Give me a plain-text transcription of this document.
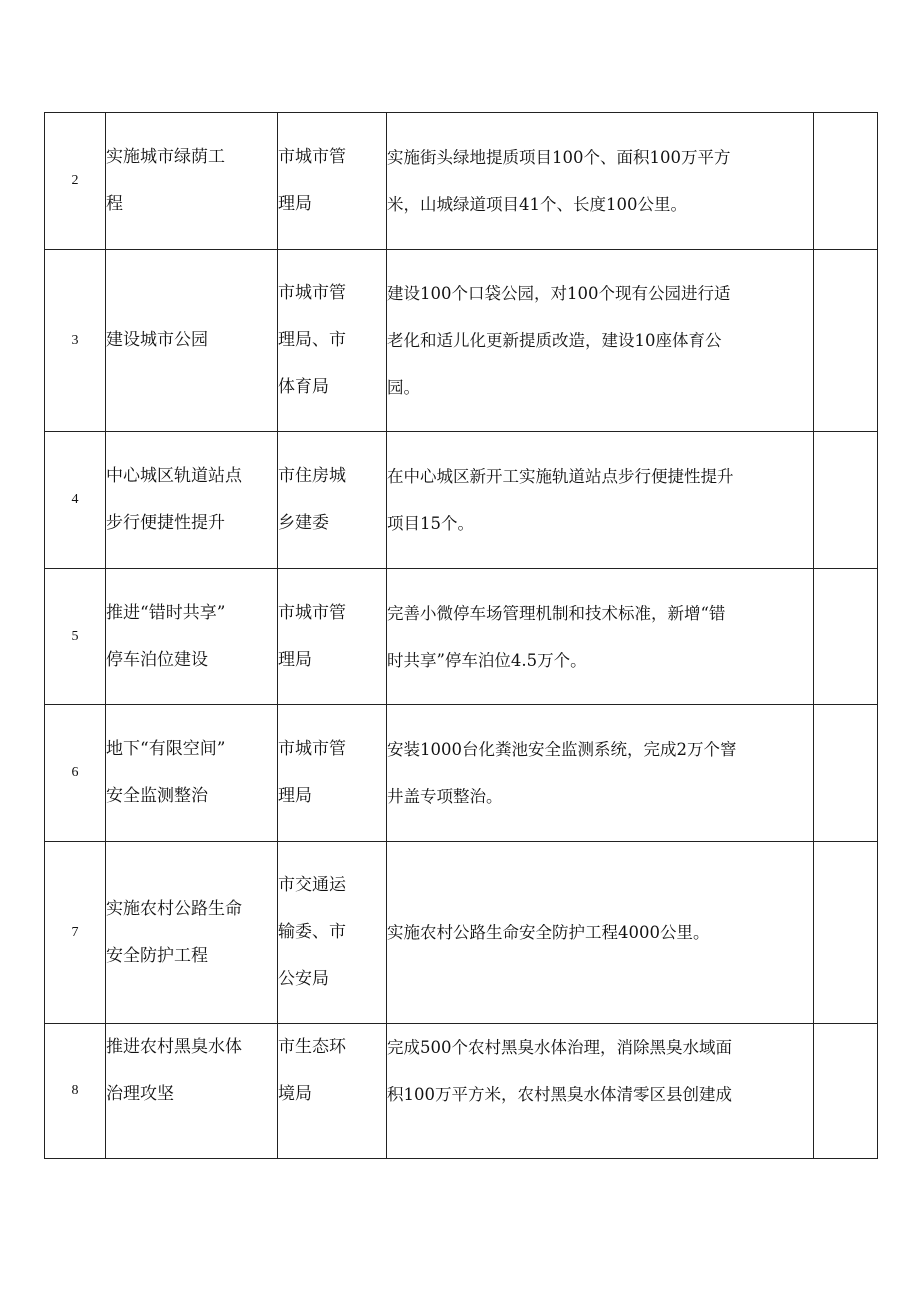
2	实施城市绿荫工
程	市城市管
理局	实施街头绿地提质项目100个、面积100万平方
米，山城绿道项目41个、长度100公里。	

3	建设城市公园	市城市管
理局、市
体育局	建设100个口袋公园，对100个现有公园进行适
老化和适儿化更新提质改造，建设10座体育公
园。	

4	中心城区轨道站点
步行便捷性提升	市住房城
乡建委	在中心城区新开工实施轨道站点步行便捷性提升
项目15个。	

5	推进“错时共享”
停车泊位建设	市城市管
理局	完善小微停车场管理机制和技术标准，新增“错
时共享”停车泊位4.5万个。	

6	地下“有限空间”
安全监测整治	市城市管
理局	安装1000台化粪池安全监测系统，完成2万个窨
井盖专项整治。	

7	实施农村公路生命
安全防护工程	市交通运
输委、市
公安局	实施农村公路生命安全防护工程4000公里。	

8	推进农村黑臭水体
治理攻坚	市生态环
境局	完成500个农村黑臭水体治理，消除黑臭水域面
积100万平方米，农村黑臭水体清零区县创建成	
